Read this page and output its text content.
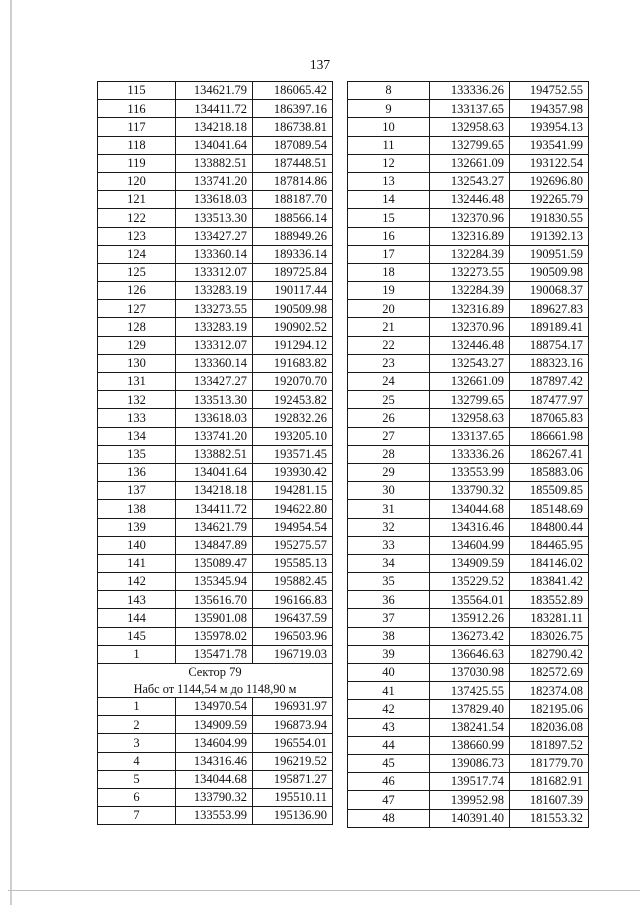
137
115	134621.79	186065.42
116	134411.72	186397.16
117	134218.18	186738.81
118	134041.64	187089.54
119	133882.51	187448.51
120	133741.20	187814.86
121	133618.03	188187.70
122	133513.30	188566.14
123	133427.27	188949.26
124	133360.14	189336.14
125	133312.07	189725.84
126	133283.19	190117.44
127	133273.55	190509.98
128	133283.19	190902.52
129	133312.07	191294.12
130	133360.14	191683.82
131	133427.27	192070.70
132	133513.30	192453.82
133	133618.03	192832.26
134	133741.20	193205.10
135	133882.51	193571.45
136	134041.64	193930.42
137	134218.18	194281.15
138	134411.72	194622.80
139	134621.79	194954.54
140	134847.89	195275.57
141	135089.47	195585.13
142	135345.94	195882.45
143	135616.70	196166.83
144	135901.08	196437.59
145	135978.02	196503.96
1	135471.78	196719.03
Сектор 79		
Набс от 1144,54 м до 1148,90 м		
1	134970.54	196931.97
2	134909.59	196873.94
3	134604.99	196554.01
4	134316.46	196219.52
5	134044.68	195871.27
6	133790.32	195510.11
7	133553.99	195136.90
8	133336.26	194752.55
9	133137.65	194357.98
10	132958.63	193954.13
11	132799.65	193541.99
12	132661.09	193122.54
13	132543.27	192696.80
14	132446.48	192265.79
15	132370.96	191830.55
16	132316.89	191392.13
17	132284.39	190951.59
18	132273.55	190509.98
19	132284.39	190068.37
20	132316.89	189627.83
21	132370.96	189189.41
22	132446.48	188754.17
23	132543.27	188323.16
24	132661.09	187897.42
25	132799.65	187477.97
26	132958.63	187065.83
27	133137.65	186661.98
28	133336.26	186267.41
29	133553.99	185883.06
30	133790.32	185509.85
31	134044.68	185148.69
32	134316.46	184800.44
33	134604.99	184465.95
34	134909.59	184146.02
35	135229.52	183841.42
36	135564.01	183552.89
37	135912.26	183281.11
38	136273.42	183026.75
39	136646.63	182790.42
40	137030.98	182572.69
41	137425.55	182374.08
42	137829.40	182195.06
43	138241.54	182036.08
44	138660.99	181897.52
45	139086.73	181779.70
46	139517.74	181682.91
47	139952.98	181607.39
48	140391.40	181553.32
